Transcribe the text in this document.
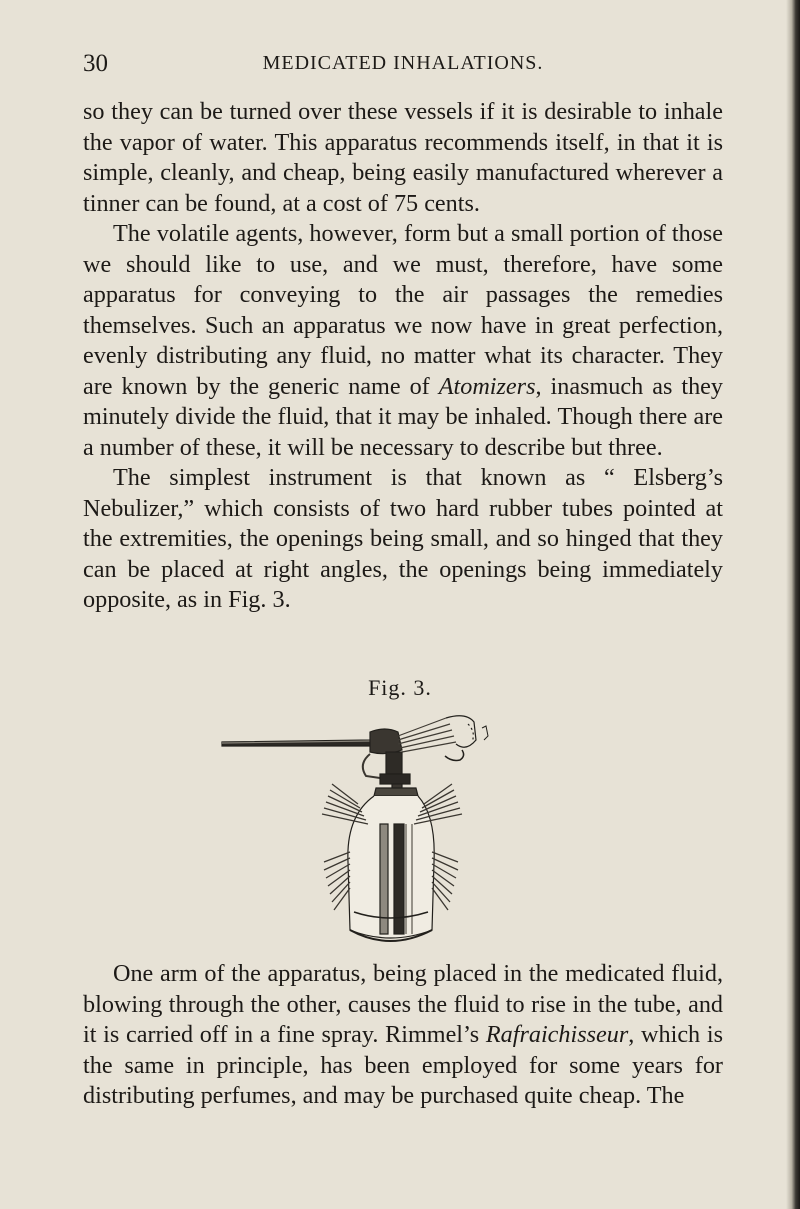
30	MEDICATED INHALATIONS.

so they can be turned over these vessels if it is desirable to inhale the vapor of water. This apparatus recommends itself, in that it is simple, cleanly, and cheap, being easily manufactured wherever a tinner can be found, at a cost of 75 cents.

The volatile agents, however, form but a small portion of those we should like to use, and we must, therefore, have some apparatus for conveying to the air passages the remedies themselves. Such an apparatus we now have in great perfection, evenly distributing any fluid, no matter what its character. They are known by the generic name of Atomizers, inasmuch as they minutely divide the fluid, that it may be inhaled. Though there are a number of these, it will be necessary to describe but three.

The simplest instrument is that known as “ Elsberg’s Nebulizer,” which consists of two hard rubber tubes pointed at the extremities, the openings being small, and so hinged that they can be placed at right angles, the openings being immediately opposite, as in Fig. 3.

Fig. 3.

One arm of the apparatus, being placed in the medicated fluid, blowing through the other, causes the fluid to rise in the tube, and it is carried off in a fine spray. Rimmel’s Rafraichisseur, which is the same in principle, has been employed for some years for distributing perfumes, and may be purchased quite cheap. The
